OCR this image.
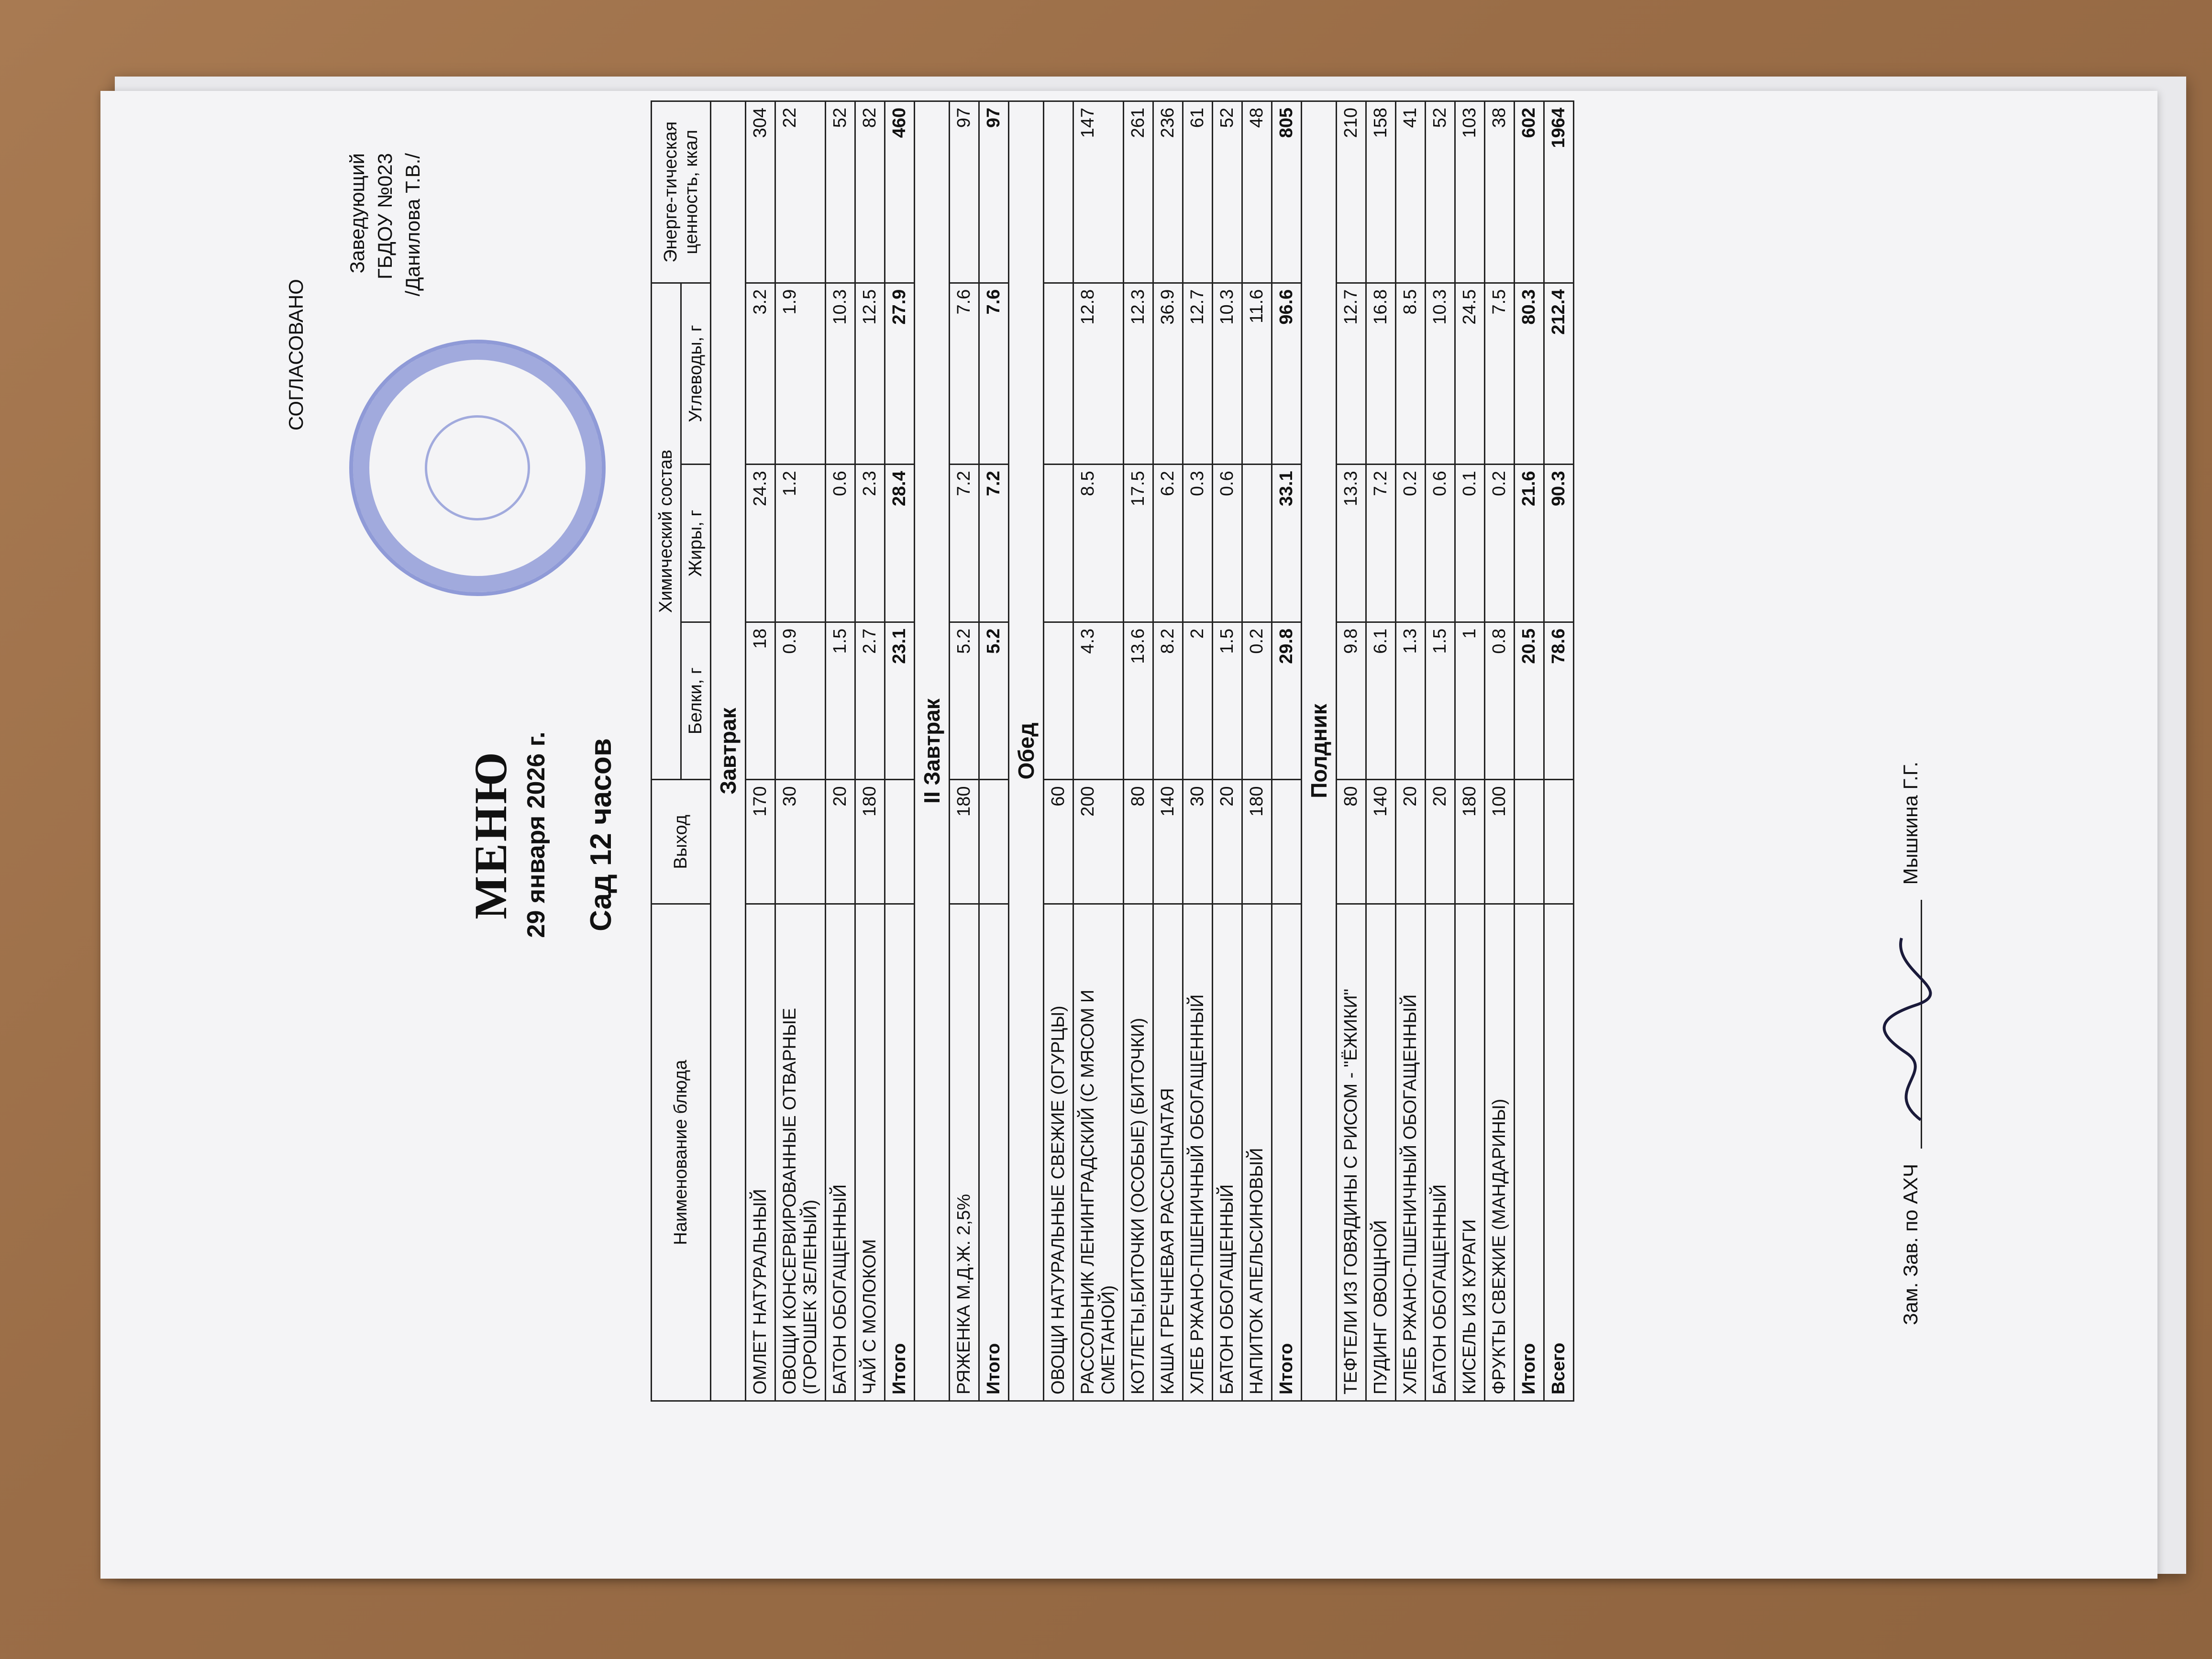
СОГЛАСОВАНО
Заведующий ГБДОУ №023 /Данилова Т.В./
МЕНЮ 29 января 2026 г. Сад 12 часов
Наименование блюда	Выход	Химический состав			Энерге-тическая ценность, ккал
		Белки, г	Жиры, г	Углеводы, г	
Завтрак					
ОМЛЕТ НАТУРАЛЬНЫЙ	170	18	24.3	3.2	304
ОВОЩИ КОНСЕРВИРОВАННЫЕ ОТВАРНЫЕ (ГОРОШЕК ЗЕЛЕНЫЙ)	30	0.9	1.2	1.9	22
БАТОН ОБОГАЩЕННЫЙ	20	1.5	0.6	10.3	52
ЧАЙ С МОЛОКОМ	180	2.7	2.3	12.5	82
Итого		23.1	28.4	27.9	460
II Завтрак					
РЯЖЕНКА М.Д.Ж. 2,5%	180	5.2	7.2	7.6	97
Итого		5.2	7.2	7.6	97
Обед					
ОВОЩИ НАТУРАЛЬНЫЕ СВЕЖИЕ (ОГУРЦЫ)	60				
РАССОЛЬНИК ЛЕНИНГРАДСКИЙ (С МЯСОМ И СМЕТАНОЙ)	200	4.3	8.5	12.8	147
КОТЛЕТЫ,БИТОЧКИ (ОСОБЫЕ) (БИТОЧКИ)	80	13.6	17.5	12.3	261
КАША ГРЕЧНЕВАЯ РАССЫПЧАТАЯ	140	8.2	6.2	36.9	236
ХЛЕБ РЖАНО-ПШЕНИЧНЫЙ ОБОГАЩЕННЫЙ	30	2	0.3	12.7	61
БАТОН ОБОГАЩЕННЫЙ	20	1.5	0.6	10.3	52
НАПИТОК АПЕЛЬСИНОВЫЙ	180	0.2		11.6	48
Итого		29.8	33.1	96.6	805
Полдник					
ТЕФТЕЛИ ИЗ ГОВЯДИНЫ С РИСОМ - "ЁЖИКИ"	80	9.8	13.3	12.7	210
ПУДИНГ ОВОЩНОЙ	140	6.1	7.2	16.8	158
ХЛЕБ РЖАНО-ПШЕНИЧНЫЙ ОБОГАЩЕННЫЙ	20	1.3	0.2	8.5	41
БАТОН ОБОГАЩЕННЫЙ	20	1.5	0.6	10.3	52
КИСЕЛЬ ИЗ КУРАГИ	180	1	0.1	24.5	103
ФРУКТЫ СВЕЖИЕ (МАНДАРИНЫ)	100	0.8	0.2	7.5	38
Итого		20.5	21.6	80.3	602
Всего		78.6	90.3	212.4	1964
Зам. Зав. по АХЧ
Мышкина Г.Г.
